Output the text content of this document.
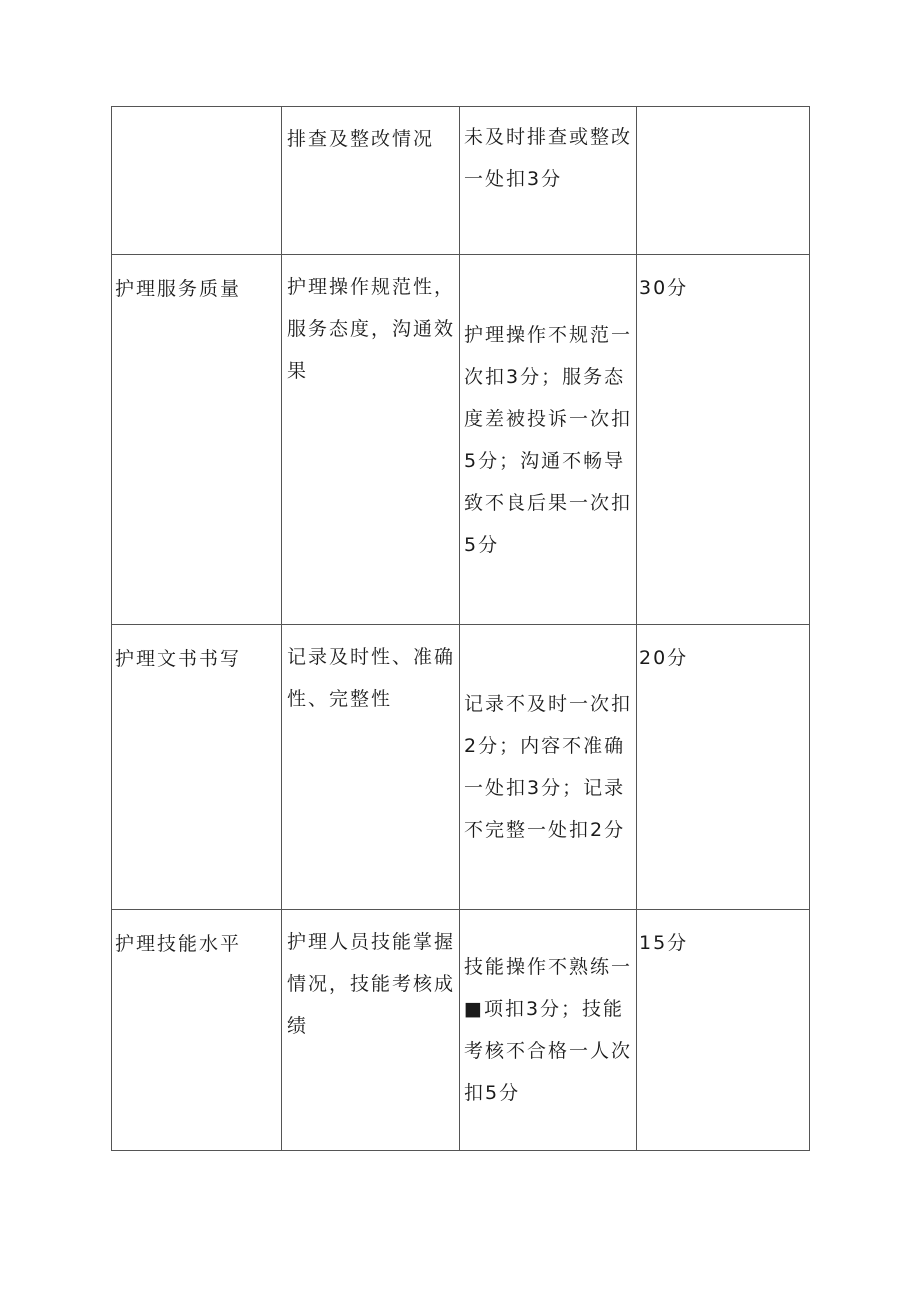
	排查及整改情况	未及时排查或整改一处扣3分	
护理服务质量	护理操作规范性，服务态度，沟通效果	护理操作不规范一次扣3分；服务态度差被投诉一次扣5分；沟通不畅导致不良后果一次扣5分	30分
护理文书书写	记录及时性、准确性、完整性	记录不及时一次扣2分；内容不准确一处扣3分；记录不完整一处扣2分	20分
护理技能水平	护理人员技能掌握情况，技能考核成绩	技能操作不熟练一■项扣3分；技能考核不合格一人次扣5分	15分
